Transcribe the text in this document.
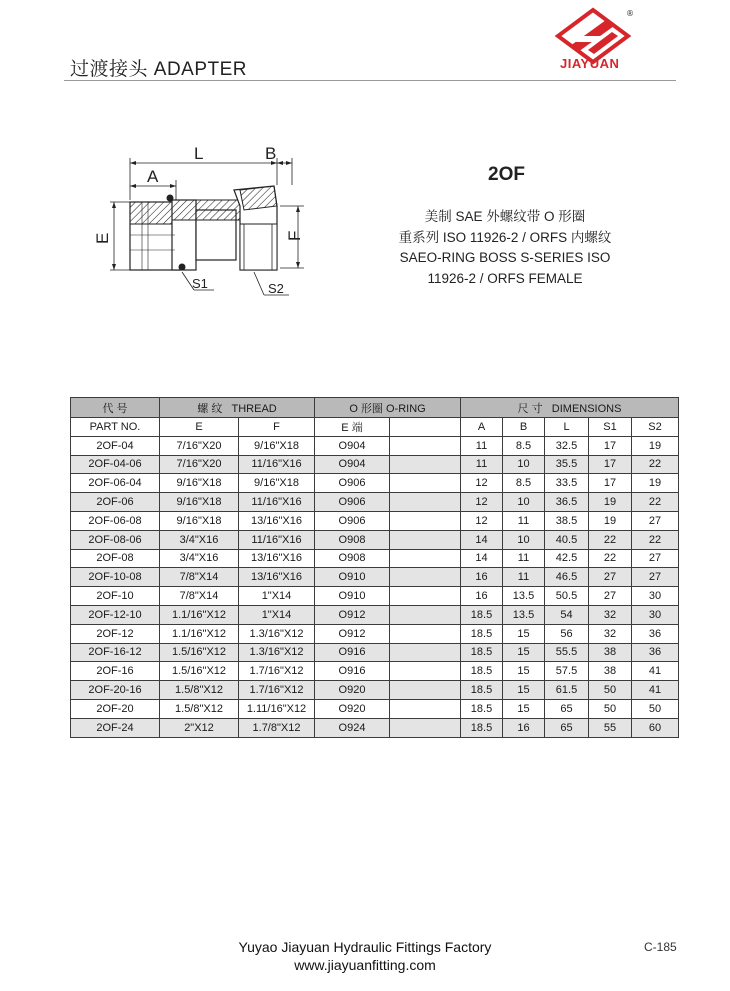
过渡接头 ADAPTER
®
JIAYUAN
L	B
A
E	F
S1	S2
2OF
美制 SAE 外螺纹带 O 形圈
重系列 ISO 11926-2 / ORFS 内螺纹
SAEO-RING BOSS S-SERIES ISO
11926-2 / ORFS FEMALE
代 号	螺 纹 THREAD		O 形圈 O-RING		尺 寸 DIMENSIONS				
PART NO.	E	F	E 端		A	B	L	S1	S2
2OF-04	7/16"X20	9/16"X18	O904		11	8.5	32.5	17	19
2OF-04-06	7/16"X20	11/16"X16	O904		11	10	35.5	17	22
2OF-06-04	9/16"X18	9/16"X18	O906		12	8.5	33.5	17	19
2OF-06	9/16"X18	11/16"X16	O906		12	10	36.5	19	22
2OF-06-08	9/16"X18	13/16"X16	O906		12	11	38.5	19	27
2OF-08-06	3/4"X16	11/16"X16	O908		14	10	40.5	22	22
2OF-08	3/4"X16	13/16"X16	O908		14	11	42.5	22	27
2OF-10-08	7/8"X14	13/16"X16	O910		16	11	46.5	27	27
2OF-10	7/8"X14	1"X14	O910		16	13.5	50.5	27	30
2OF-12-10	1.1/16"X12	1"X14	O912		18.5	13.5	54	32	30
2OF-12	1.1/16"X12	1.3/16"X12	O912		18.5	15	56	32	36
2OF-16-12	1.5/16"X12	1.3/16"X12	O916		18.5	15	55.5	38	36
2OF-16	1.5/16"X12	1.7/16"X12	O916		18.5	15	57.5	38	41
2OF-20-16	1.5/8"X12	1.7/16"X12	O920		18.5	15	61.5	50	41
2OF-20	1.5/8"X12	1.11/16"X12	O920		18.5	15	65	50	50
2OF-24	2"X12	1.7/8"X12	O924		18.5	16	65	55	60
Yuyao Jiayuan Hydraulic Fittings Factory
www.jiayuanfitting.com
C-185
